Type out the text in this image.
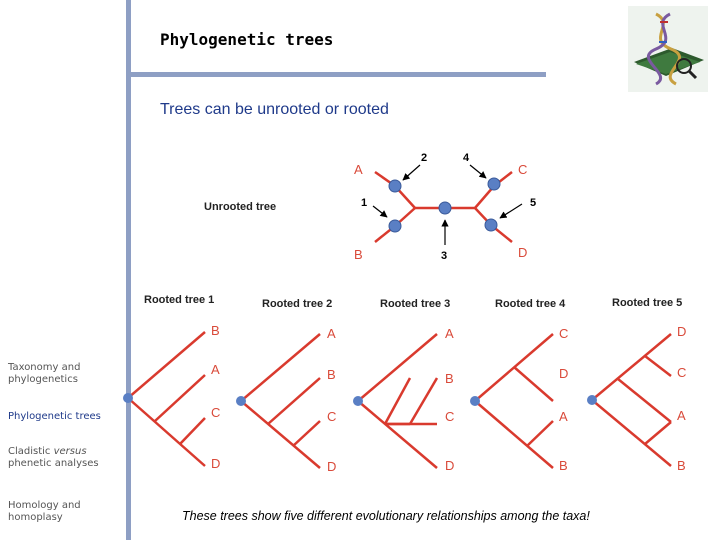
Phylogenetic trees
Trees can be unrooted or rooted
Taxonomy and
phylogenetics
Phylogenetic trees
Cladistic versus
phenetic analyses
Homology and
homoplasy
A
B
C
D
2	4
1	5
3
Unrooted tree
Rooted tree 1	Rooted tree 2	Rooted tree 3	Rooted tree 4	Rooted tree 5
B
A
C
D
A
B
C
D
A
B
C
D
C
D
A
B
D
C
A
B
These trees show five different evolutionary relationships among the taxa!
